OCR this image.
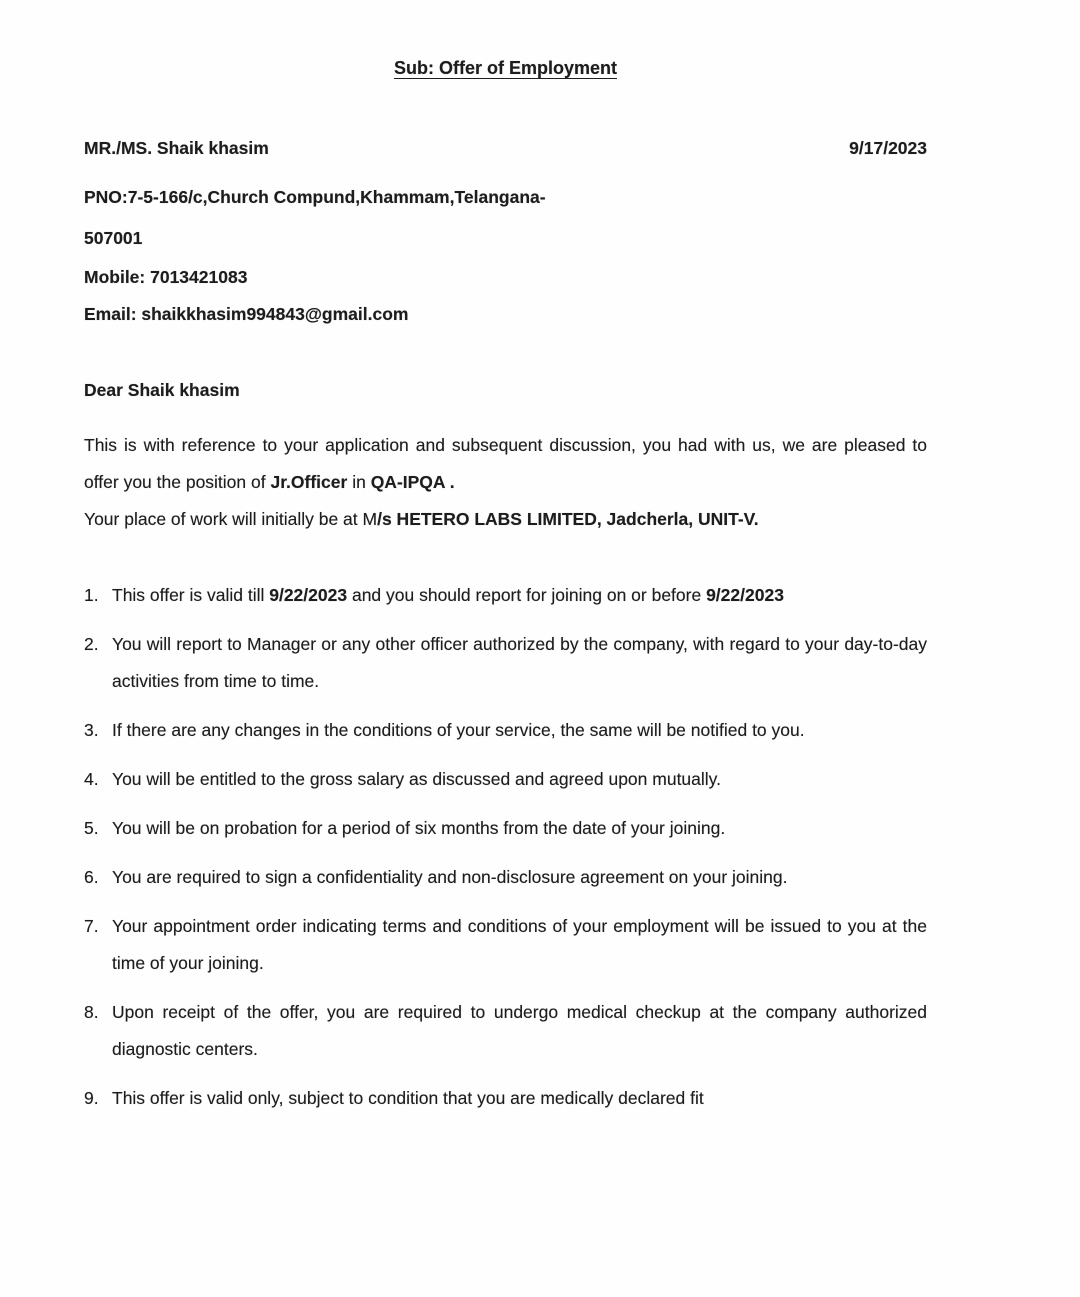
Sub: Offer of Employment
MR./MS. Shaik khasim	9/17/2023
PNO:7-5-166/c,Church Compund,Khammam,Telangana-
507001
Mobile: 7013421083
Email: shaikkhasim994843@gmail.com
Dear Shaik khasim
This is with reference to your application and subsequent discussion, you had with us, we are pleased to offer you the position of Jr.Officer in QA-IPQA .
Your place of work will initially be at M/s HETERO LABS LIMITED, Jadcherla, UNIT-V.
1. This offer is valid till 9/22/2023 and you should report for joining on or before 9/22/2023
2. You will report to Manager or any other officer authorized by the company, with regard to your day-to-day activities from time to time.
3. If there are any changes in the conditions of your service, the same will be notified to you.
4. You will be entitled to the gross salary as discussed and agreed upon mutually.
5. You will be on probation for a period of six months from the date of your joining.
6. You are required to sign a confidentiality and non-disclosure agreement on your joining.
7. Your appointment order indicating terms and conditions of your employment will be issued to you at the time of your joining.
8. Upon receipt of the offer, you are required to undergo medical checkup at the company authorized diagnostic centers.
9. This offer is valid only, subject to condition that you are medically declared fit
